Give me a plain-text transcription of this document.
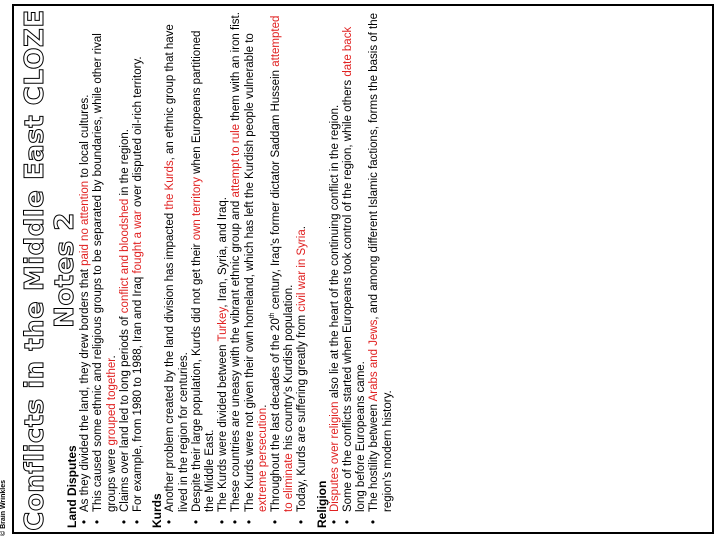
© Brain Wrinkles Conflicts in the Middle East CLOZE Notes 2
Land Disputes • As they divided the land, they drew borders that paid no attention to local cultures. • This caused some ethnic and religious groups to be separated by boundaries, while other rival groups were grouped together. • Claims over land led to long periods of conflict and bloodshed in the region.
• For example, from 1980 to 1988, Iran and Iraq fought a war over disputed oil-rich territory.
Kurds • Another problem created by the land division has impacted the Kurds, an ethnic group that have lived in the region for centuries. • Despite their large population, Kurds did not get their own territory when Europeans partitioned the Middle East. • The Kurds were divided between Turkey, Iran, Syria, and Iraq. • These countries are uneasy with the vibrant ethnic group and attempt to rule them with an iron fist. • The Kurds were not given their own homeland, which has left the Kurdish people vulnerable to extreme persecution. • Throughout the last decades of the 20th century, Iraq’s former dictator Saddam Hussein attempted to eliminate his country’s Kurdish population. • Today, Kurds are suffering greatly from civil war in Syria.
Religion • Disputes over religion also lie at the heart of the continuing conflict in the region. • Some of the conflicts started when Europeans took control of the region, while others date back long before Europeans came. • The hostility between Arabs and Jews, and among different Islamic factions, forms the basis of the region’s modern history.
